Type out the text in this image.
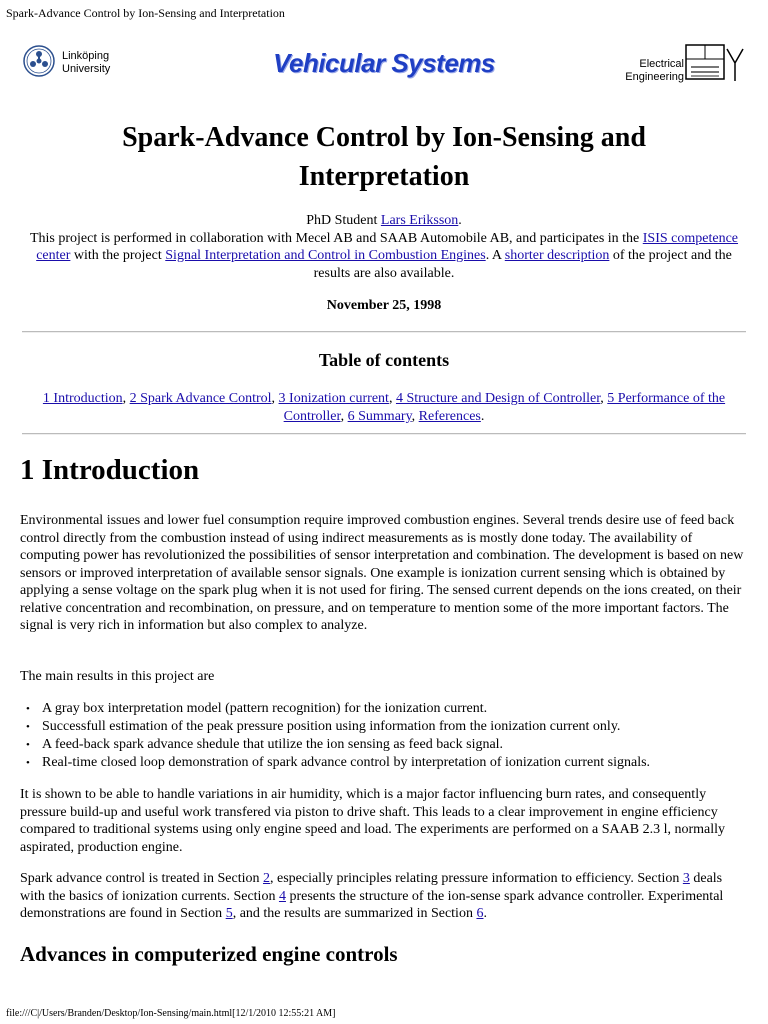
Spark-Advance Control by Ion-Sensing and Interpretation
Linköping
University	Vehicular Systems	Electrical
Engineering
Spark-Advance Control by Ion-Sensing and Interpretation
PhD Student Lars Eriksson.
This project is performed in collaboration with Mecel AB and SAAB Automobile AB, and participates in the ISIS competence center with the project Signal Interpretation and Control in Combustion Engines. A shorter description of the project and the results are also available.
November 25, 1998
Table of contents
1 Introduction, 2 Spark Advance Control, 3 Ionization current, 4 Structure and Design of Controller, 5 Performance of the Controller, 6 Summary, References.
1 Introduction

Environmental issues and lower fuel consumption require improved combustion engines. Several trends desire use of feed back control directly from the combustion instead of using indirect measurements as is mostly done today. The availability of computing power has revolutionized the possibilities of sensor interpretation and combination. The development is based on new sensors or improved interpretation of available sensor signals. One example is ionization current sensing which is obtained by applying a sense voltage on the spark plug when it is not used for firing. The sensed current depends on the ions created, on their relative concentration and recombination, on pressure, and on temperature to mention some of the more important factors. The signal is very rich in information but also complex to analyze.

The main results in this project are

• A gray box interpretation model (pattern recognition) for the ionization current.
• Successfull estimation of the peak pressure position using information from the ionization current only.
• A feed-back spark advance shedule that utilize the ion sensing as feed back signal.
• Real-time closed loop demonstration of spark advance control by interpretation of ionization current signals.

It is shown to be able to handle variations in air humidity, which is a major factor influencing burn rates, and consequently pressure build-up and useful work transfered via piston to drive shaft. This leads to a clear improvement in engine efficiency compared to traditional systems using only engine speed and load. The experiments are performed on a SAAB 2.3 l, normally aspirated, production engine.

Spark advance control is treated in Section 2, especially principles relating pressure information to efficiency. Section 3 deals with the basics of ionization currents. Section 4 presents the structure of the ion-sense spark advance controller. Experimental demonstrations are found in Section 5, and the results are summarized in Section 6.

Advances in computerized engine controls
file:///C|/Users/Branden/Desktop/Ion-Sensing/main.html[12/1/2010 12:55:21 AM]
